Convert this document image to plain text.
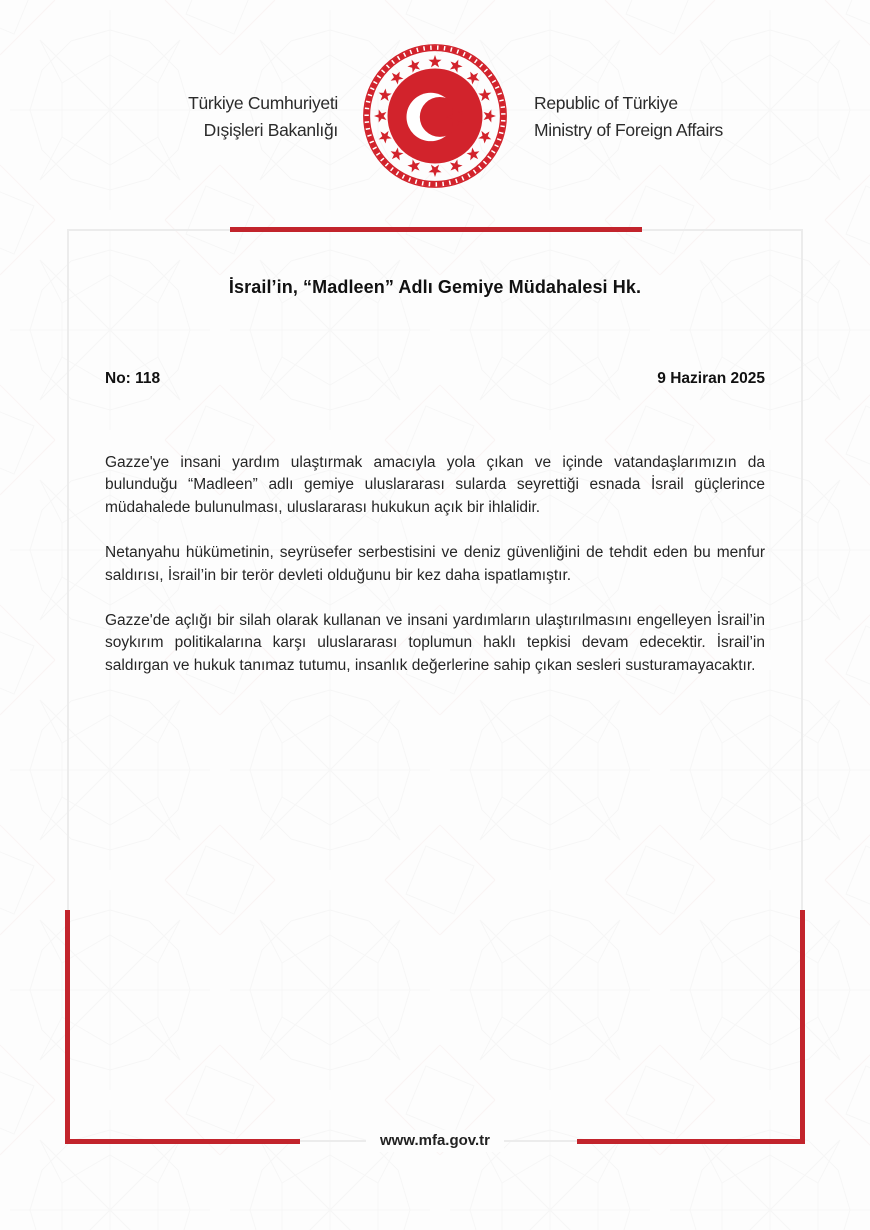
Türkiye Cumhuriyeti
Dışişleri Bakanlığı
Republic of Türkiye
Ministry of Foreign Affairs
www.mfa.gov.tr
İsrail’in, “Madleen” Adlı Gemiye Müdahalesi Hk.
No: 118	9 Haziran 2025

Gazze'ye insani yardım ulaştırmak amacıyla yola çıkan ve içinde vatandaşlarımızın da bulunduğu “Madleen” adlı gemiye uluslararası sularda seyrettiği esnada İsrail güçlerince müdahalede bulunulması, uluslararası hukukun açık bir ihlalidir.

Netanyahu hükümetinin, seyrüsefer serbestisini ve deniz güvenliğini de tehdit eden bu menfur saldırısı, İsrail’in bir terör devleti olduğunu bir kez daha ispatlamıştır.

Gazze'de açlığı bir silah olarak kullanan ve insani yardımların ulaştırılmasını engelleyen İsrail’in soykırım politikalarına karşı uluslararası toplumun haklı tepkisi devam edecektir. İsrail’in saldırgan ve hukuk tanımaz tutumu, insanlık değerlerine sahip çıkan sesleri susturamayacaktır.
